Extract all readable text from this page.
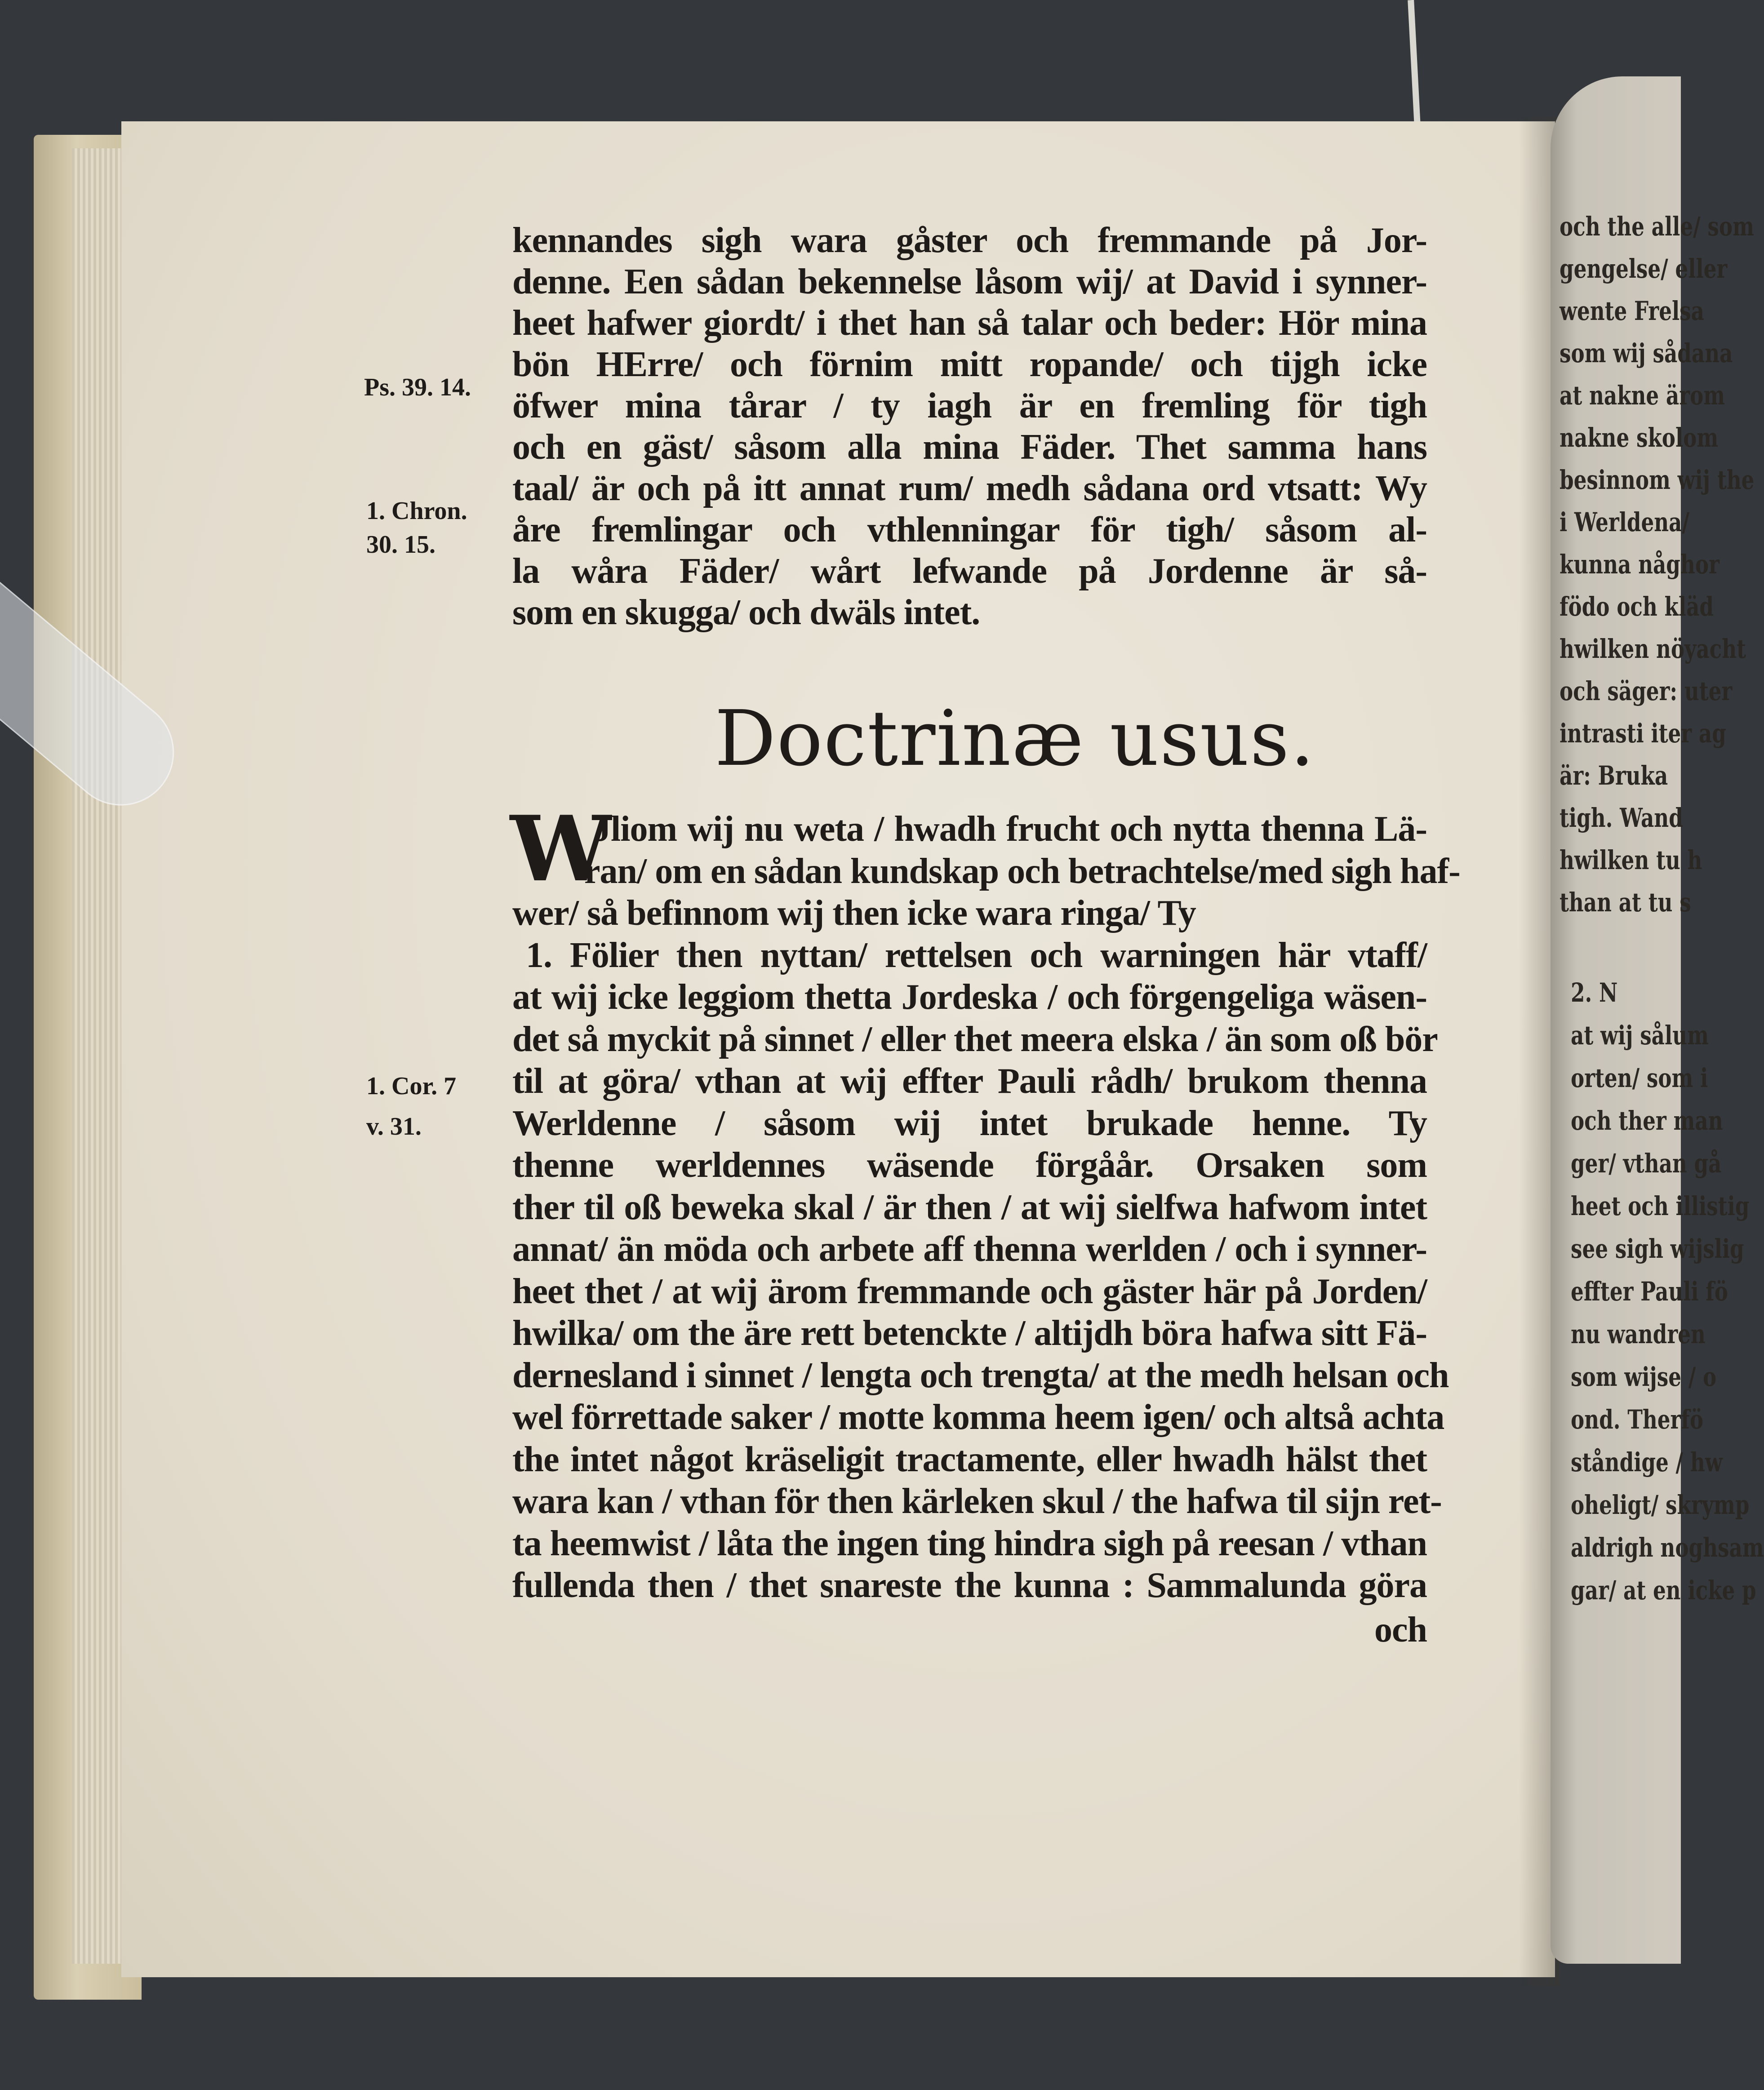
och the alle/ som
gengelse/ eller
wente Frelsa
som wij sådana
at nakne ärom
nakne skolom
besinnom wij the
i Werldena/
kunna någhor
födo och kläd
hwilken nöyacht
och säger: uter
intrasti iter ag
är: Bruka
tigh. Wand
hwilken tu h
than at tu s
2. N
at wij sålum
orten/ som i
och ther man
ger/ vthan gå
heet och illistig
see sigh wijslig
effter Pauli fö
nu wandren
som wijse / o
ond. Therfö
ståndige / hw
oheligt/ skrymp
aldrigh noghsam
gar/ at en icke p
kennandes sigh wara gåster och fremmande på Jor-
denne. Een sådan bekennelse låsom wij/ at David i synner-
heet hafwer giordt/ i thet han så talar och beder: Hör mina
bön HErre/ och förnim mitt ropande/ och tijgh icke
öfwer mina tårar / ty iagh är en fremling för tigh
och en gäst/ såsom alla mina Fäder. Thet samma hans
taal/ är och på itt annat rum/ medh sådana ord vtsatt: Wy
åre fremlingar och vthlenningar för tigh/ såsom al-
la wåra Fäder/ wårt lefwande på Jordenne är så-
som en skugga/ och dwäls intet.
Jliom wij nu weta / hwadh frucht och nytta thenna Lä-
ran/ om en sådan kundskap och betrachtelse/med sigh haf-
wer/ så befinnom wij then icke wara ringa/ Ty
1. Fölier then nyttan/ rettelsen och warningen här vtaff/
at wij icke leggiom thetta Jordeska / och förgengeliga wäsen-
det så myckit på sinnet / eller thet meera elska / än som oß bör
til at göra/ vthan at wij effter Pauli rådh/ brukom thenna
Werldenne / såsom wij intet brukade henne. Ty
thenne werldennes wäsende förgåår. Orsaken som
ther til oß beweka skal / är then / at wij sielfwa hafwom intet
annat/ än möda och arbete aff thenna werlden / och i synner-
heet thet / at wij ärom fremmande och gäster här på Jorden/
hwilka/ om the äre rett betenckte / altijdh böra hafwa sitt Fä-
dernesland i sinnet / lengta och trengta/ at the medh helsan och
wel förrettade saker / motte komma heem igen/ och altså achta
the intet något kräseligit tractamente, eller hwadh hälst thet
wara kan / vthan för then kärleken skul / the hafwa til sijn ret-
ta heemwist / låta the ingen ting hindra sigh på reesan / vthan
fullenda then / thet snareste the kunna : Sammalunda göra
och
Doctrinæ usus.
W
Ps. 39. 14.
1. Chron.
30. 15.
1. Cor. 7
v. 31.
